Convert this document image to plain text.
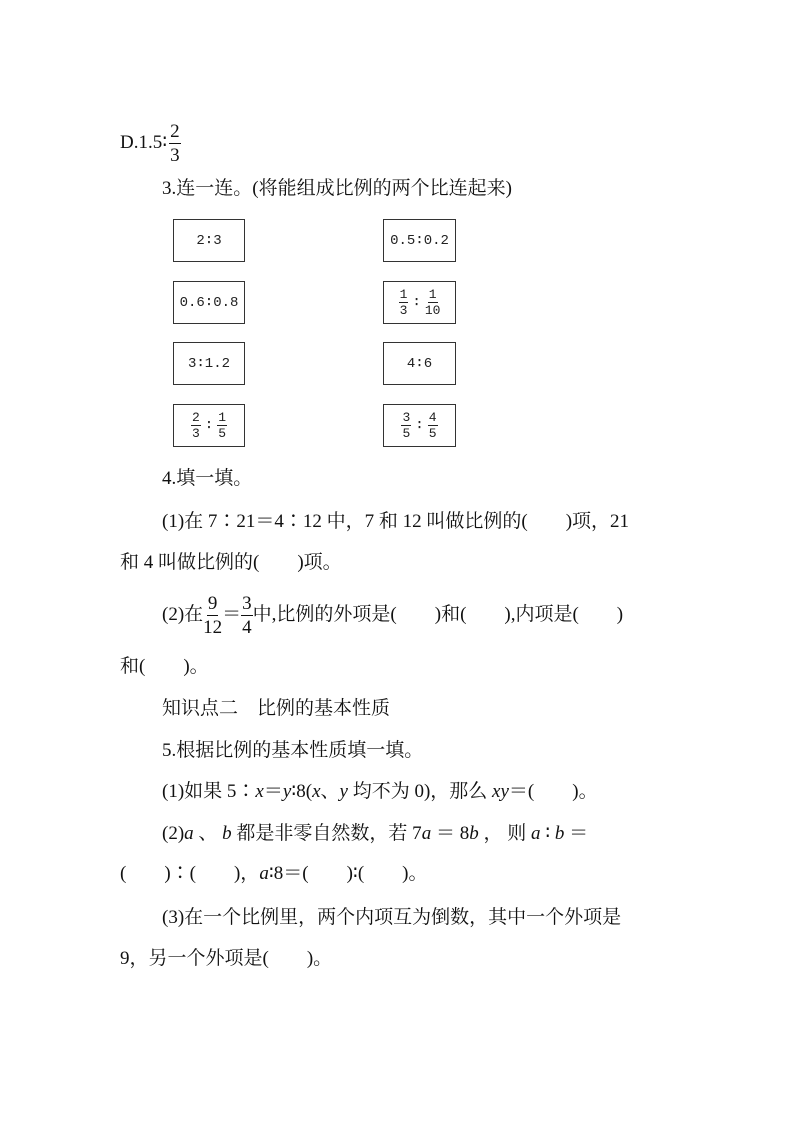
D.1.5∶ $\frac{2}{3}$
3.连一连。(将能组成比例的两个比连起来)
2∶3
0.6∶0.8
3∶1.2
$\frac{2}{3}$ ∶ $\frac{1}{5}$
0.5∶0.2
$\frac{1}{3}$ ∶ $\frac{1}{10}$
4∶6
$\frac{3}{5}$ ∶ $\frac{4}{5}$
4.填一填。
(1)在 7∶21＝4∶12 中，7 和 12 叫做比例的(　　)项，21
和 4 叫做比例的(　　)项。
(2)在 $\frac{9}{12} = \frac{3}{4}$ 中,比例的外项是(　　)和(　　),内项是(　　)
和(　　)。
知识点二　比例的基本性质
5.根据比例的基本性质填一填。
(1)如果 5∶x＝y∶8(x、y 均不为 0)，那么 xy＝(　　)。
(2)a 、 b 都是非零自然数，若 7a ＝ 8b ， 则 a ∶ b ＝
(　　)∶(　　)，a∶8＝(　　)∶(　　)。
(3)在一个比例里，两个内项互为倒数，其中一个外项是
9，另一个外项是(　　)。
